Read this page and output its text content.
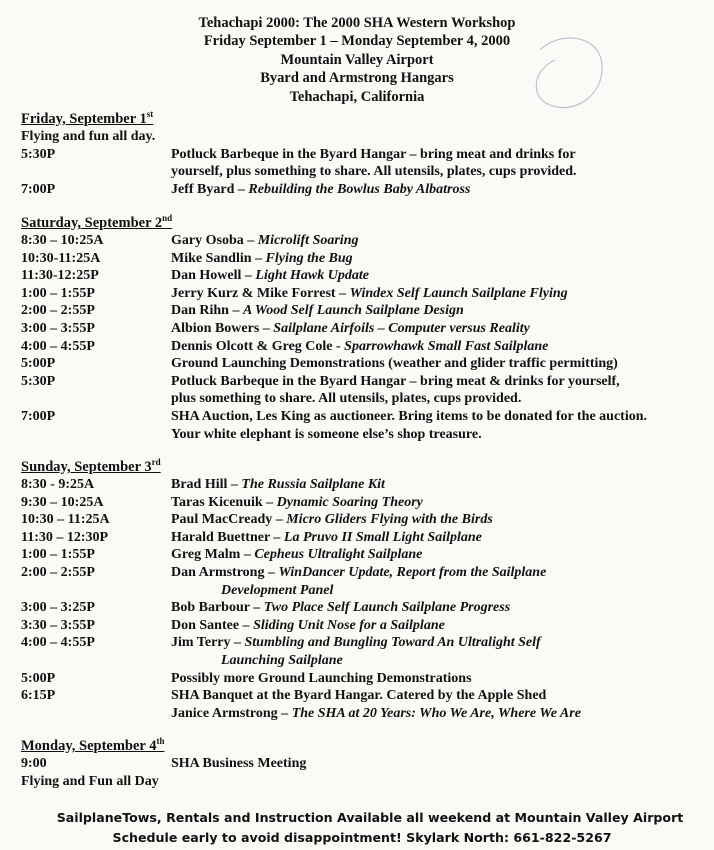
Tehachapi 2000: The 2000 SHA Western Workshop
Friday September 1 – Monday September 4, 2000
Mountain Valley Airport
Byard and Armstrong Hangars
Tehachapi, California
Friday, September 1st
Flying and fun all day.
5:30P	Potluck Barbeque in the Byard Hangar – bring meat and drinks for
yourself, plus something to share. All utensils, plates, cups provided.
7:00P	Jeff Byard – Rebuilding the Bowlus Baby Albatross
Saturday, September 2nd
8:30 – 10:25A	Gary Osoba – Microlift Soaring
10:30-11:25A	Mike Sandlin – Flying the Bug
11:30-12:25P	Dan Howell – Light Hawk Update
1:00 – 1:55P	Jerry Kurz & Mike Forrest – Windex Self Launch Sailplane Flying
2:00 – 2:55P	Dan Rihn – A Wood Self Launch Sailplane Design
3:00 – 3:55P	Albion Bowers – Sailplane Airfoils – Computer versus Reality
4:00 – 4:55P	Dennis Olcott & Greg Cole - Sparrowhawk Small Fast Sailplane
5:00P	Ground Launching Demonstrations (weather and glider traffic permitting)
5:30P	Potluck Barbeque in the Byard Hangar – bring meat & drinks for yourself,
plus something to share. All utensils, plates, cups provided.
7:00P	SHA Auction, Les King as auctioneer. Bring items to be donated for the auction.
Your white elephant is someone else’s shop treasure.
Sunday, September 3rd
8:30 - 9:25A	Brad Hill – The Russia Sailplane Kit
9:30 – 10:25A	Taras Kicenuik – Dynamic Soaring Theory
10:30 – 11:25A	Paul MacCready – Micro Gliders Flying with the Birds
11:30 – 12:30P	Harald Buettner – La Pruvo II Small Light Sailplane
1:00 – 1:55P	Greg Malm – Cepheus Ultralight Sailplane
2:00 – 2:55P	Dan Armstrong – WinDancer Update, Report from the Sailplane
Development Panel
3:00 – 3:25P	Bob Barbour – Two Place Self Launch Sailplane Progress
3:30 – 3:55P	Don Santee – Sliding Unit Nose for a Sailplane
4:00 – 4:55P	Jim Terry – Stumbling and Bungling Toward An Ultralight Self
Launching Sailplane
5:00P	Possibly more Ground Launching Demonstrations
6:15P	SHA Banquet at the Byard Hangar. Catered by the Apple Shed
Janice Armstrong – The SHA at 20 Years: Who We Are, Where We Are
Monday, September 4th
9:00	SHA Business Meeting
Flying and Fun all Day
SailplaneTows, Rentals and Instruction Available all weekend at Mountain Valley Airport
Schedule early to avoid disappointment! Skylark North: 661-822-5267
